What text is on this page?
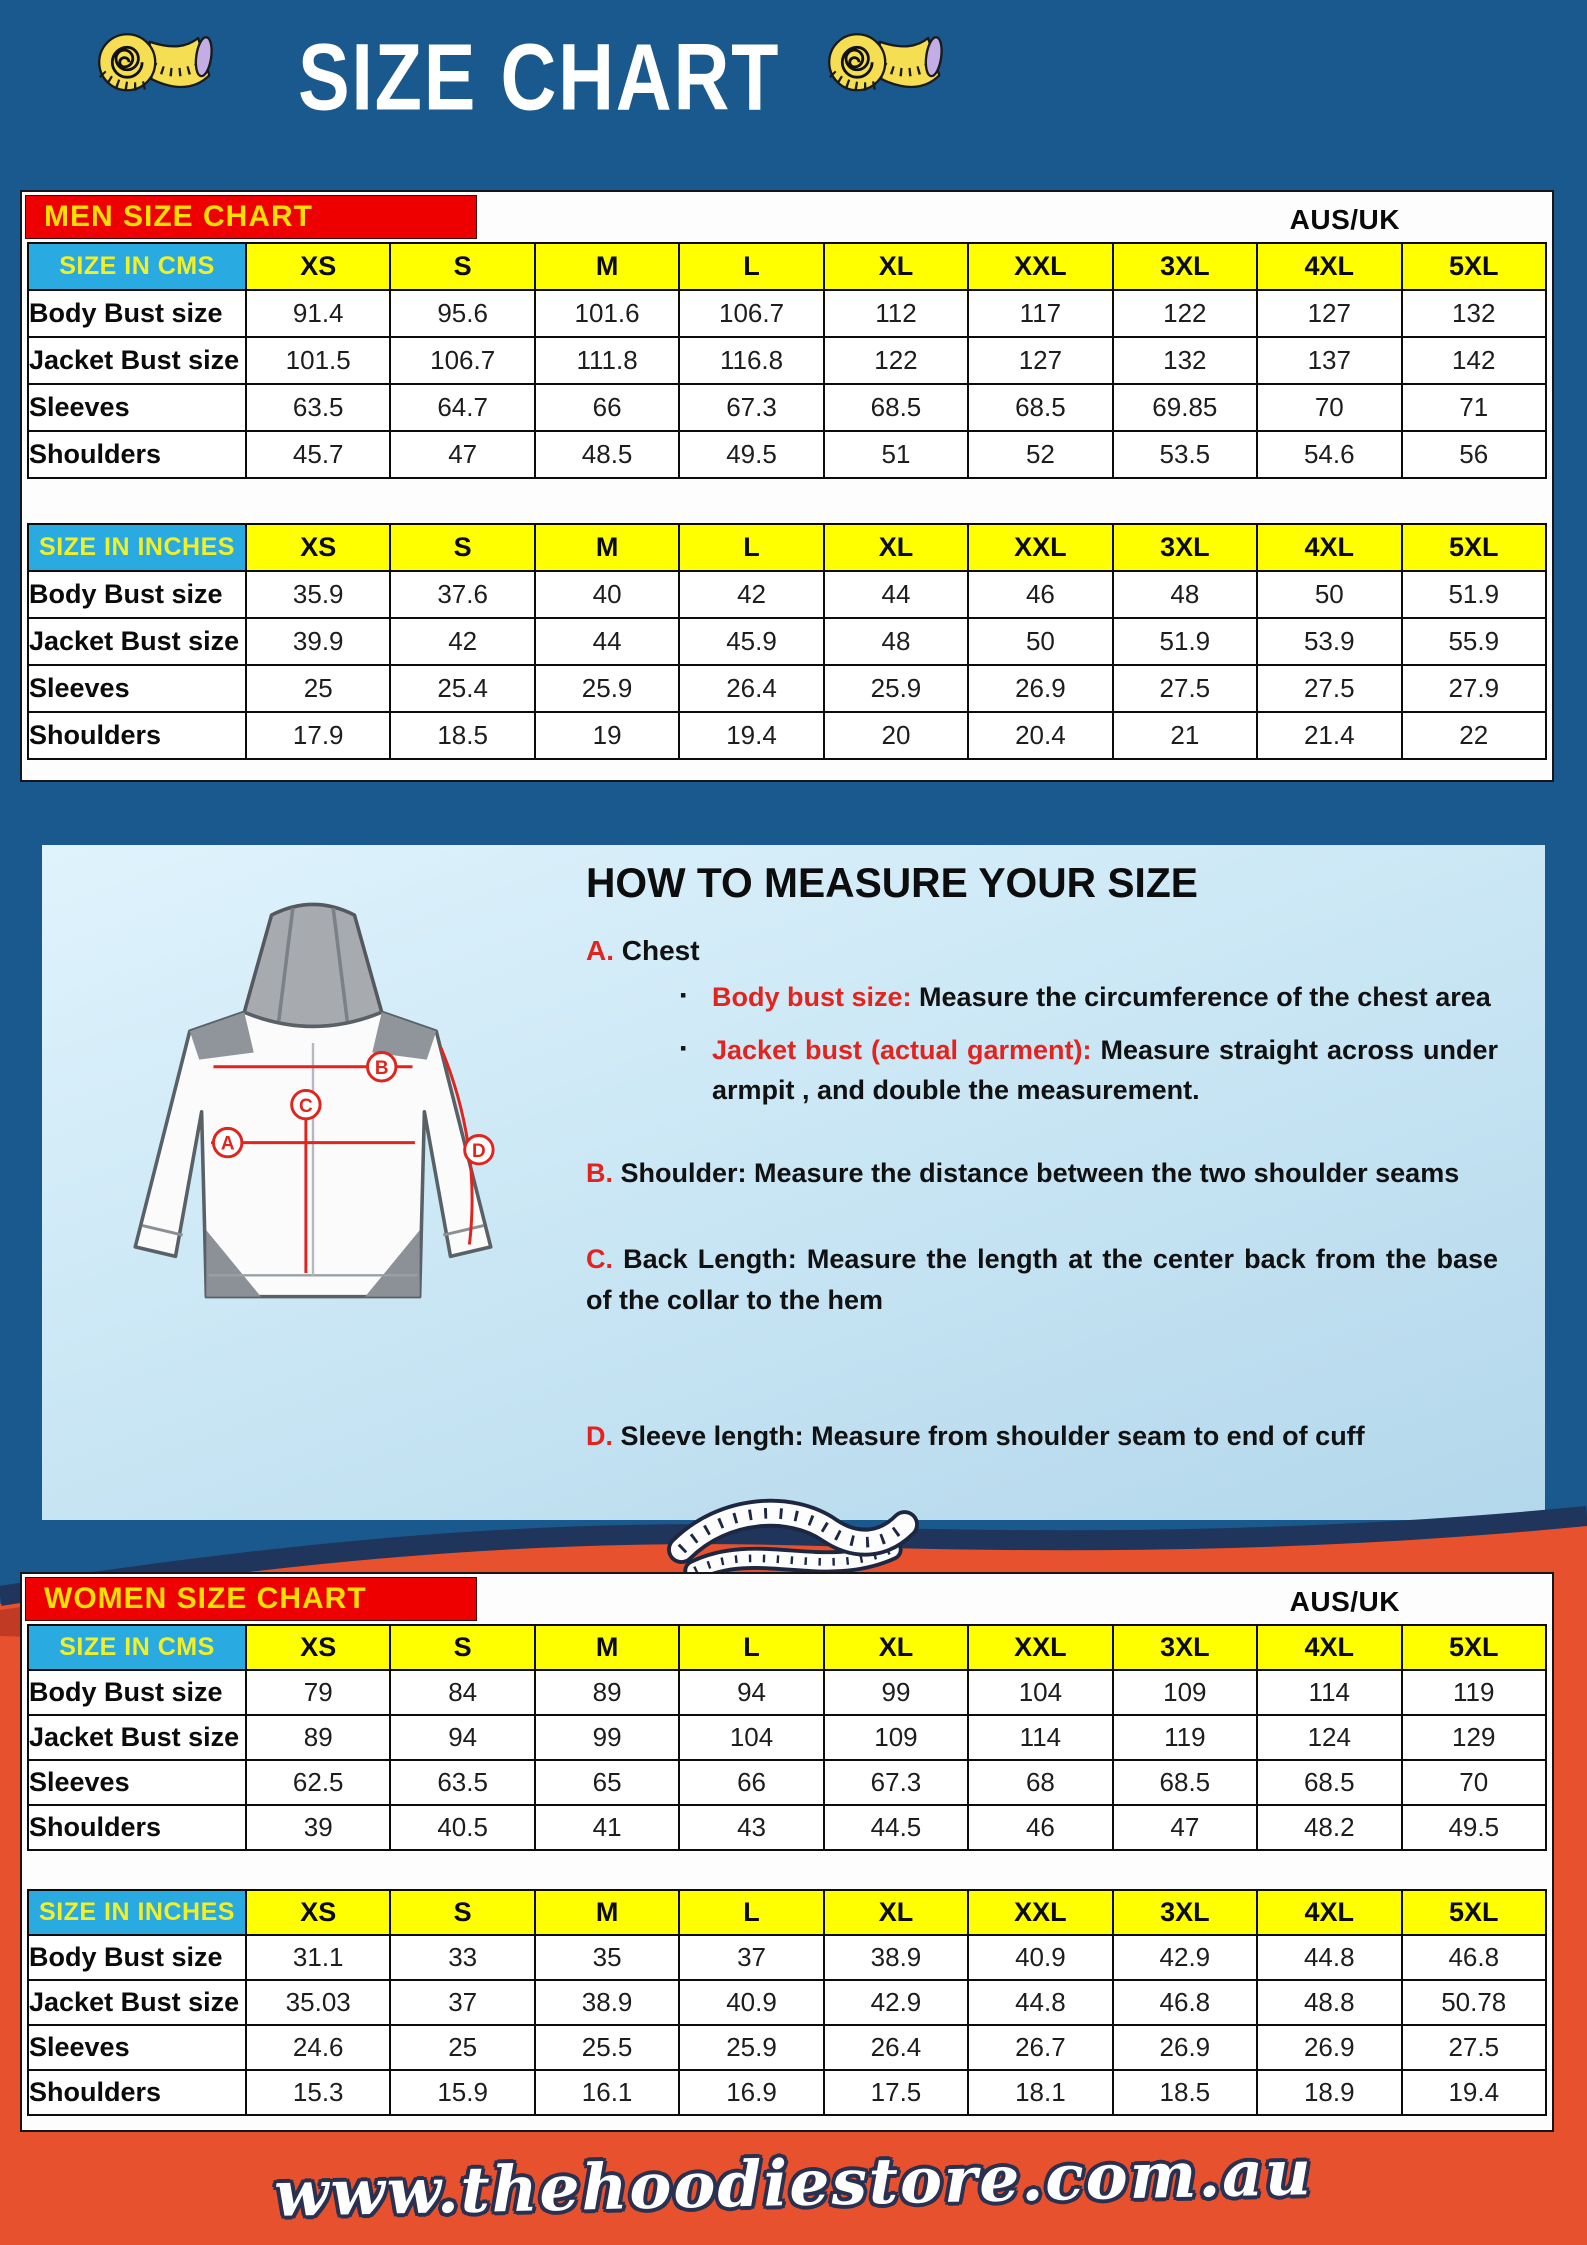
SIZE CHART
MEN SIZE CHART	AUS/UK
SIZE IN CMS	XS	S	M	L	XL	XXL	3XL	4XL	5XL
Body Bust size	91.4	95.6	101.6	106.7	112	117	122	127	132
Jacket Bust size	101.5	106.7	111.8	116.8	122	127	132	137	142
Sleeves	63.5	64.7	66	67.3	68.5	68.5	69.85	70	71
Shoulders	45.7	47	48.5	49.5	51	52	53.5	54.6	56
SIZE IN INCHES	XS	S	M	L	XL	XXL	3XL	4XL	5XL
Body Bust size	35.9	37.6	40	42	44	46	48	50	51.9
Jacket Bust size	39.9	42	44	45.9	48	50	51.9	53.9	55.9
Sleeves	25	25.4	25.9	26.4	25.9	26.9	27.5	27.5	27.9
Shoulders	17.9	18.5	19	19.4	20	20.4	21	21.4	22
A
B
C
D
HOW TO MEASURE YOUR SIZE
A. Chest

▪ Body bust size: Measure the circumference of the chest area

▪ Jacket bust (actual garment): Measure straight across under armpit , and double the measurement.

B. Shoulder: Measure the distance between the two shoulder seams

C. Back Length: Measure the length at the center back from the base of the collar to the hem

D. Sleeve length: Measure from shoulder seam to end of cuff

WOMEN SIZE CHART	AUS/UK
SIZE IN CMS	XS	S	M	L	XL	XXL	3XL	4XL	5XL
Body Bust size	79	84	89	94	99	104	109	114	119
Jacket Bust size	89	94	99	104	109	114	119	124	129
Sleeves	62.5	63.5	65	66	67.3	68	68.5	68.5	70
Shoulders	39	40.5	41	43	44.5	46	47	48.2	49.5
SIZE IN INCHES	XS	S	M	L	XL	XXL	3XL	4XL	5XL
Body Bust size	31.1	33	35	37	38.9	40.9	42.9	44.8	46.8
Jacket Bust size	35.03	37	38.9	40.9	42.9	44.8	46.8	48.8	50.78
Sleeves	24.6	25	25.5	25.9	26.4	26.7	26.9	26.9	27.5
Shoulders	15.3	15.9	16.1	16.9	17.5	18.1	18.5	18.9	19.4
www.thehoodiestore.com.au
